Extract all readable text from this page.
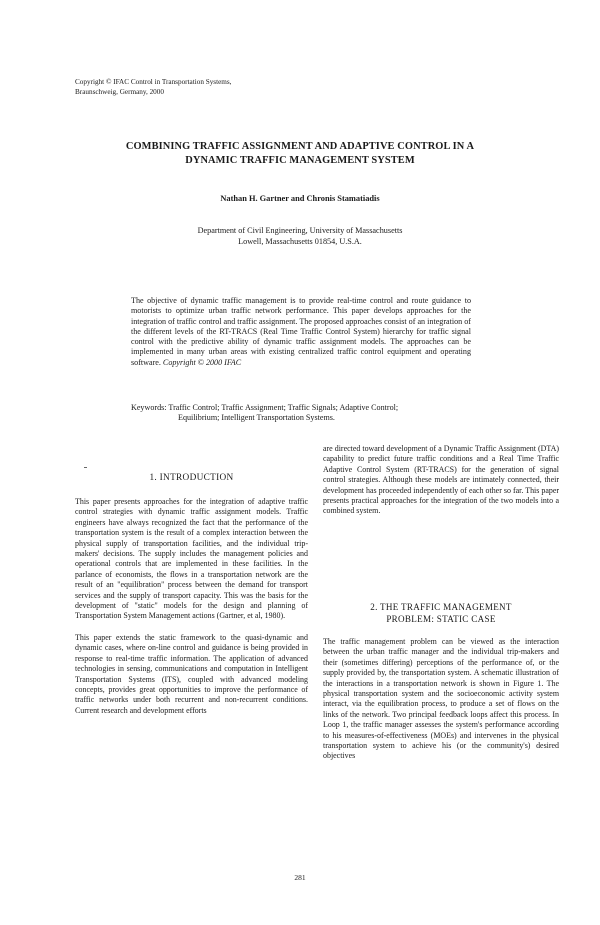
Copyright © IFAC Control in Transportation Systems,
Braunschweig, Germany, 2000
COMBINING TRAFFIC ASSIGNMENT AND ADAPTIVE CONTROL IN A
DYNAMIC TRAFFIC MANAGEMENT SYSTEM
Nathan H. Gartner and Chronis Stamatiadis
Department of Civil Engineering, University of Massachusetts
Lowell, Massachusetts 01854, U.S.A.
The objective of dynamic traffic management is to provide real-time control and route guidance to motorists to optimize urban traffic network performance. This paper develops approaches for the integration of traffic control and traffic assignment. The proposed approaches consist of an integration of the different levels of the RT-TRACS (Real Time Traffic Control System) hierarchy for traffic signal control with the predictive ability of dynamic traffic assignment models. The approaches can be implemented in many urban areas with existing centralized traffic control equipment and operating software. Copyright © 2000 IFAC
Keywords: Traffic Control; Traffic Assignment; Traffic Signals; Adaptive Control;
Equilibrium; Intelligent Transportation Systems.
1. INTRODUCTION

This paper presents approaches for the integration of adaptive traffic control strategies with dynamic traffic assignment models. Traffic engineers have always recognized the fact that the performance of the transportation system is the result of a complex interaction between the physical supply of transportation facilities, and the individual trip-makers' decisions. The supply includes the management policies and operational controls that are implemented in these facilities. In the parlance of economists, the flows in a transportation network are the result of an "equilibration" process between the demand for transport services and the supply of transport capacity. This was the basis for the development of "static" models for the design and planning of Transportation System Management actions (Gartner, et al, 1980).

This paper extends the static framework to the quasi-dynamic and dynamic cases, where on-line control and guidance is being provided in response to real-time traffic information. The application of advanced technologies in sensing, communications and computation in Intelligent Transportation Systems (ITS), coupled with advanced modeling concepts, provides great opportunities to improve the performance of traffic networks under both recurrent and non-recurrent conditions. Current research and development efforts

are directed toward development of a Dynamic Traffic Assignment (DTA) capability to predict future traffic conditions and a Real Time Traffic Adaptive Control System (RT-TRACS) for the generation of signal control strategies. Although these models are intimately connected, their development has proceeded independently of each other so far. This paper presents practical approaches for the integration of the two models into a combined system.

2. THE TRAFFIC MANAGEMENT
PROBLEM: STATIC CASE

The traffic management problem can be viewed as the interaction between the urban traffic manager and the individual trip-makers and their (sometimes differing) perceptions of the performance of, or the supply provided by, the transportation system. A schematic illustration of the interactions in a transportation network is shown in Figure 1. The physical transportation system and the socioeconomic activity system interact, via the equilibration process, to produce a set of flows on the links of the network. Two principal feedback loops affect this process. In Loop 1, the traffic manager assesses the system's performance according to his measures-of-effectiveness (MOEs) and intervenes in the physical transportation system to achieve his (or the community's) desired objectives

281
